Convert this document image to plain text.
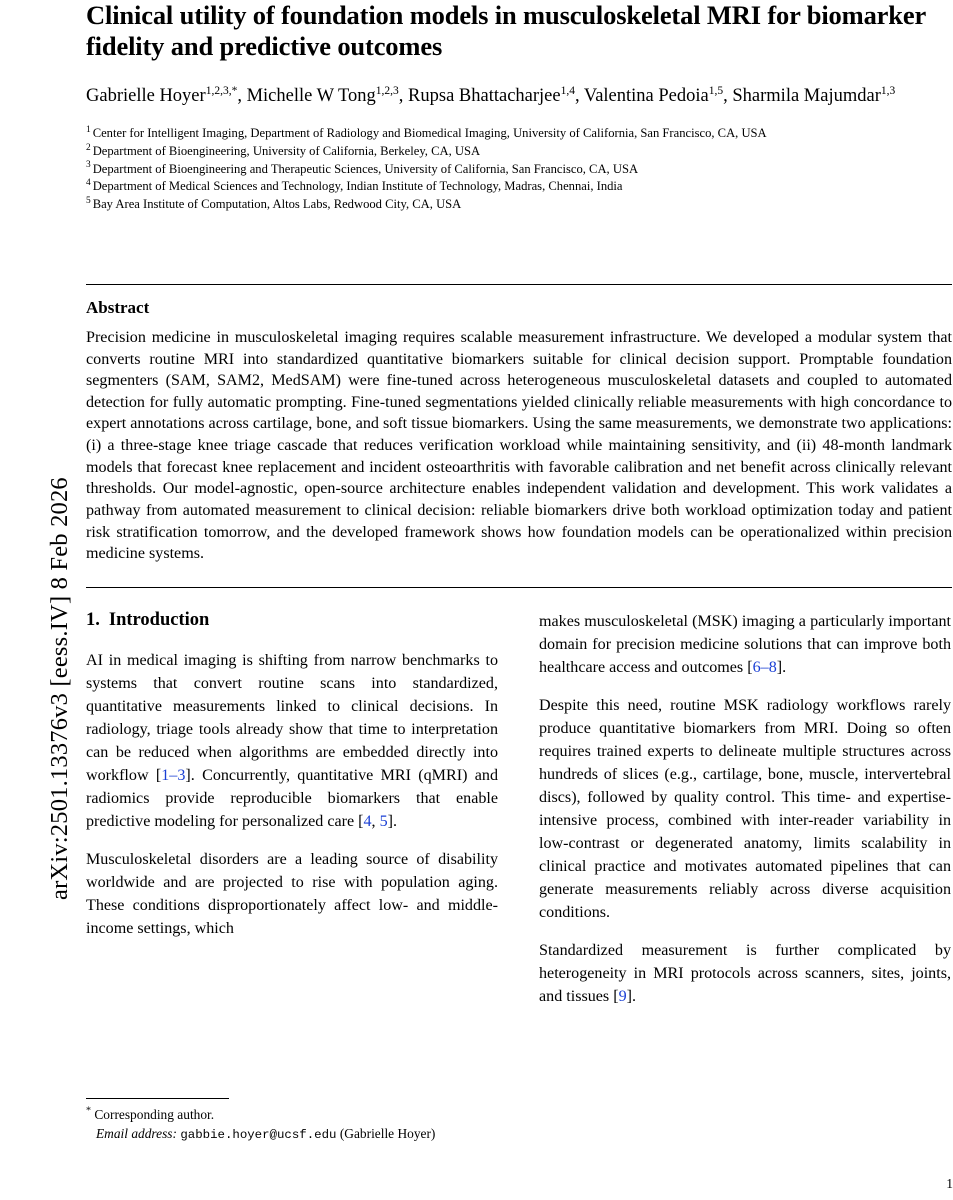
arXiv:2501.13376v3 [eess.IV] 8 Feb 2026
Clinical utility of foundation models in musculoskeletal MRI for biomarker fidelity and predictive outcomes
Gabrielle Hoyer$^{1,2,3,*}$, Michelle W Tong$^{1,2,3}$, Rupsa Bhattacharjee$^{1,4}$, Valentina Pedoia$^{1,5}$, Sharmila Majumdar$^{1,3}$
$^1$ Center for Intelligent Imaging, Department of Radiology and Biomedical Imaging, University of California, San Francisco, CA, USA
$^2$ Department of Bioengineering, University of California, Berkeley, CA, USA
$^3$ Department of Bioengineering and Therapeutic Sciences, University of California, San Francisco, CA, USA
$^4$ Department of Medical Sciences and Technology, Indian Institute of Technology, Madras, Chennai, India
$^5$ Bay Area Institute of Computation, Altos Labs, Redwood City, CA, USA
Abstract
Precision medicine in musculoskeletal imaging requires scalable measurement infrastructure. We developed a modular system that converts routine MRI into standardized quantitative biomarkers suitable for clinical decision support. Promptable foundation segmenters (SAM, SAM2, MedSAM) were fine-tuned across heterogeneous musculoskeletal datasets and coupled to automated detection for fully automatic prompting. Fine-tuned segmentations yielded clinically reliable measurements with high concordance to expert annotations across cartilage, bone, and soft tissue biomarkers. Using the same measurements, we demonstrate two applications: (i) a three-stage knee triage cascade that reduces verification workload while maintaining sensitivity, and (ii) 48-month landmark models that forecast knee replacement and incident osteoarthritis with favorable calibration and net benefit across clinically relevant thresholds. Our model-agnostic, open-source architecture enables independent validation and development. This work validates a pathway from automated measurement to clinical decision: reliable biomarkers drive both workload optimization today and patient risk stratification tomorrow, and the developed framework shows how foundation models can be operationalized within precision medicine systems.
1. Introduction
AI in medical imaging is shifting from narrow benchmarks to systems that convert routine scans into standardized, quantitative measurements linked to clinical decisions. In radiology, triage tools already show that time to interpretation can be reduced when algorithms are embedded directly into workflow [1–3]. Concurrently, quantitative MRI (qMRI) and radiomics provide reproducible biomarkers that enable predictive modeling for personalized care [4, 5].
Musculoskeletal disorders are a leading source of disability worldwide and are projected to rise with population aging. These conditions disproportionately affect low- and middle-income settings, which
makes musculoskeletal (MSK) imaging a particularly important domain for precision medicine solutions that can improve both healthcare access and outcomes [6–8].
Despite this need, routine MSK radiology workflows rarely produce quantitative biomarkers from MRI. Doing so often requires trained experts to delineate multiple structures across hundreds of slices (e.g., cartilage, bone, muscle, intervertebral discs), followed by quality control. This time- and expertise-intensive process, combined with inter-reader variability in low-contrast or degenerated anatomy, limits scalability in clinical practice and motivates automated pipelines that can generate measurements reliably across diverse acquisition conditions.
Standardized measurement is further complicated by heterogeneity in MRI protocols across scanners, sites, joints, and tissues [9].
* Corresponding author.
Email address: gabbie.hoyer@ucsf.edu (Gabrielle Hoyer)
1
